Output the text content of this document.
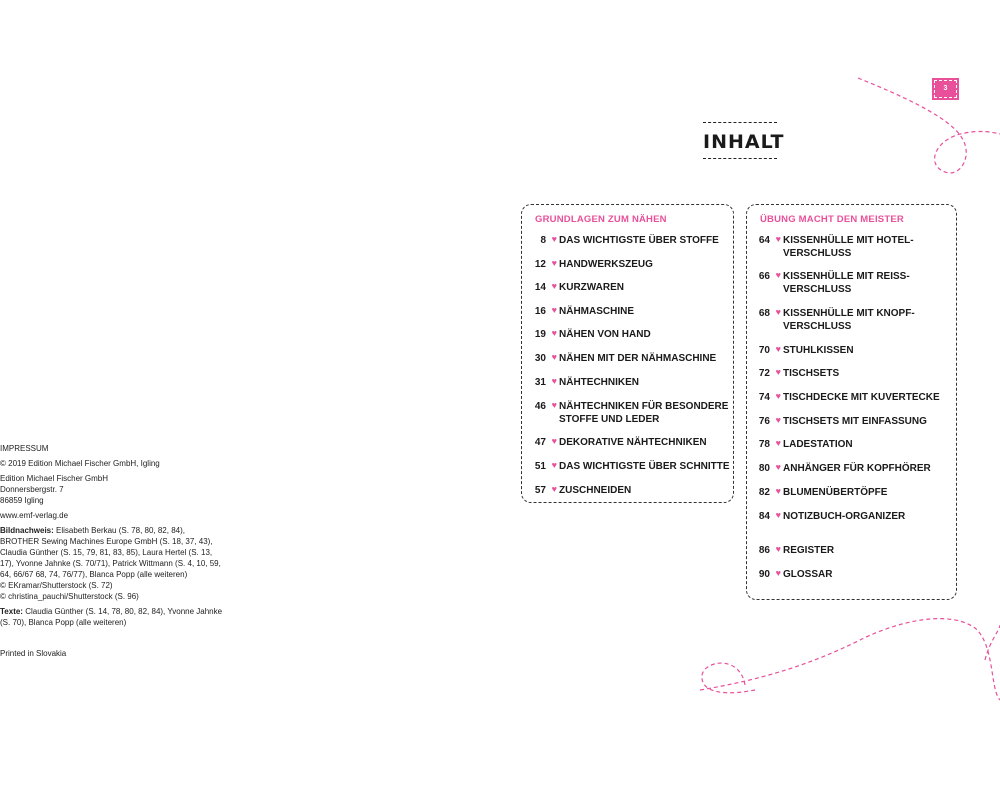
3
INHALT
GRUNDLAGEN ZUM NÄHEN	ÜBUNG MACHT DEN MEISTER
8 ♥ DAS WICHTIGSTE ÜBER STOFFE
12 ♥ HANDWERKSZEUG
14 ♥ KURZWAREN
16 ♥ NÄHMASCHINE
19 ♥ NÄHEN VON HAND
30 ♥ NÄHEN MIT DER NÄHMASCHINE
31 ♥ NÄHTECHNIKEN
46 ♥ NÄHTECHNIKEN FÜR BESONDERE
STOFFE UND LEDER
47 ♥ DEKORATIVE NÄHTECHNIKEN
51 ♥ DAS WICHTIGSTE ÜBER SCHNITTE
57 ♥ ZUSCHNEIDEN
64 ♥ KISSENHÜLLE MIT HOTEL-
VERSCHLUSS
66 ♥ KISSENHÜLLE MIT REISS-
VERSCHLUSS
68 ♥ KISSENHÜLLE MIT KNOPF-
VERSCHLUSS
70 ♥ STUHLKISSEN
72 ♥ TISCHSETS
74 ♥ TISCHDECKE MIT KUVERTECKE
76 ♥ TISCHSETS MIT EINFASSUNG
78 ♥ LADESTATION
80 ♥ ANHÄNGER FÜR KOPFHÖRER
82 ♥ BLUMENÜBERTÖPFE
84 ♥ NOTIZBUCH-ORGANIZER
86 ♥ REGISTER
90 ♥ GLOSSAR

IMPRESSUM

© 2019 Edition Michael Fischer GmbH, Igling

Edition Michael Fischer GmbH
Donnersbergstr. 7
86859 Igling

www.emf-verlag.de

Bildnachweis: Elisabeth Berkau (S. 78, 80, 82, 84), BROTHER Sewing Machines Europe GmbH (S. 18, 37, 43), Claudia Günther (S. 15, 79, 81, 83, 85), Laura Hertel (S. 13, 17), Yvonne Jahnke (S. 70/71), Patrick Wittmann (S. 4, 10, 59, 64, 66/67 68, 74, 76/77), Blanca Popp (alle weiteren)
© EKramar/Shutterstock (S. 72)
© christina_pauchi/Shutterstock (S. 96)

Texte: Claudia Günther (S. 14, 78, 80, 82, 84), Yvonne Jahnke (S. 70), Blanca Popp (alle weiteren)

Printed in Slovakia
